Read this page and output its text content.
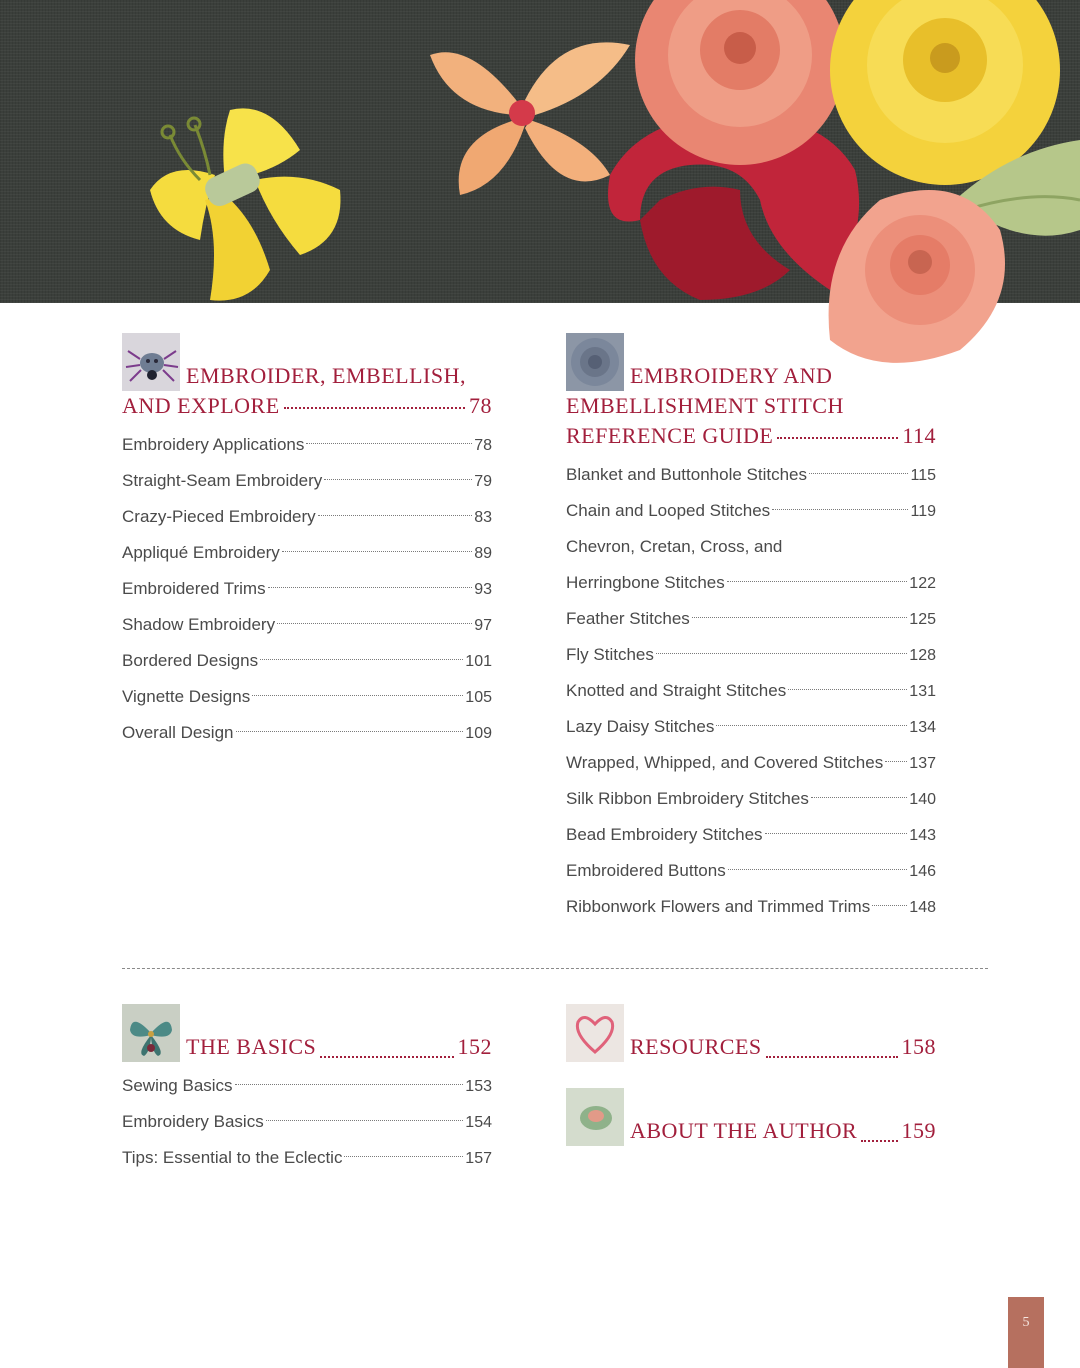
EMBROIDER, EMBELLISH,
AND EXPLORE	78
Embroidery Applications	78
Straight-Seam Embroidery	79
Crazy-Pieced Embroidery	83
Appliqué Embroidery	89
Embroidered Trims	93
Shadow Embroidery	97
Bordered Designs	101
Vignette Designs	105
Overall Design	109
EMBROIDERY AND
EMBELLISHMENT STITCH
REFERENCE GUIDE	114
Blanket and Buttonhole Stitches	115
Chain and Looped Stitches	119
Chevron, Cretan, Cross, and
Herringbone Stitches	122
Feather Stitches	125
Fly Stitches	128
Knotted and Straight Stitches	131
Lazy Daisy Stitches	134
Wrapped, Whipped, and Covered Stitches 137
Silk Ribbon Embroidery Stitches	140
Bead Embroidery Stitches	143
Embroidered Buttons	146
Ribbonwork Flowers and Trimmed Trims 148
THE BASICS	152
Sewing Basics	153
Embroidery Basics	154
Tips: Essential to the Eclectic	157
RESOURCES	158
ABOUT THE AUTHOR 159
5
